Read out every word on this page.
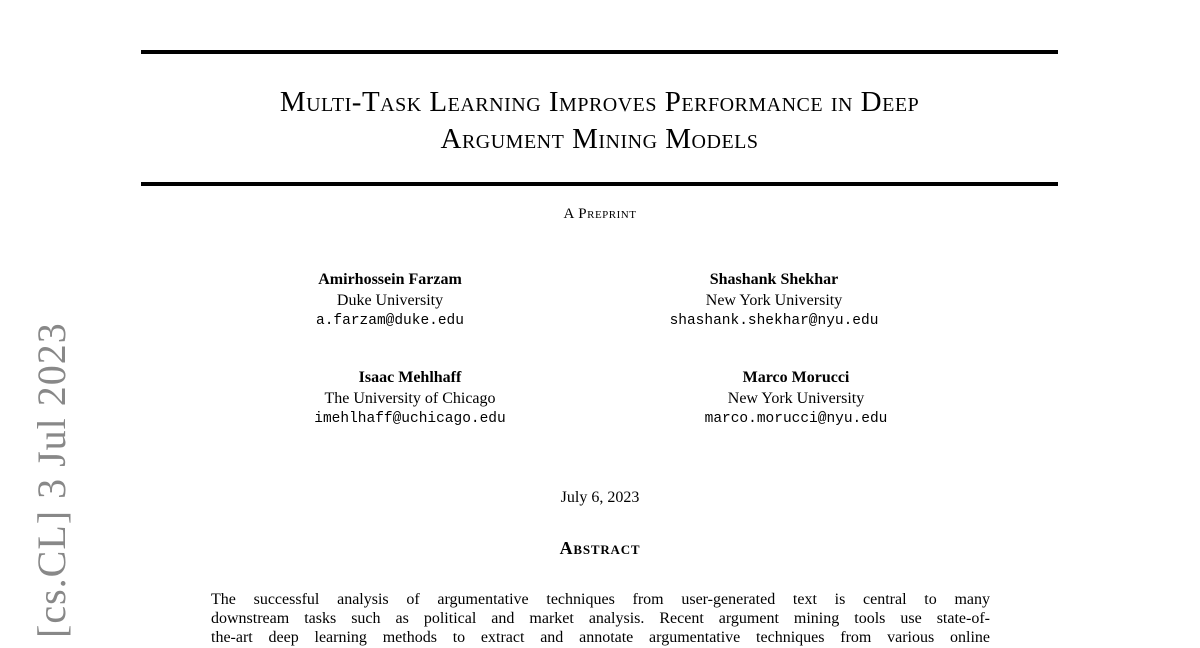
Multi-Task Learning Improves Performance in Deep
Argument Mining Models
A Preprint
Amirhossein Farzam
Duke University
a.farzam@duke.edu
Shashank Shekhar
New York University
shashank.shekhar@nyu.edu
Isaac Mehlhaff
The University of Chicago
imehlhaff@uchicago.edu
Marco Morucci
New York University
marco.morucci@nyu.edu
July 6, 2023
Abstract
The successful analysis of argumentative techniques from user-generated text is central to many
downstream tasks such as political and market analysis. Recent argument mining tools use state-of-
the-art deep learning methods to extract and annotate argumentative techniques from various online
[cs.CL] 3 Jul 2023
